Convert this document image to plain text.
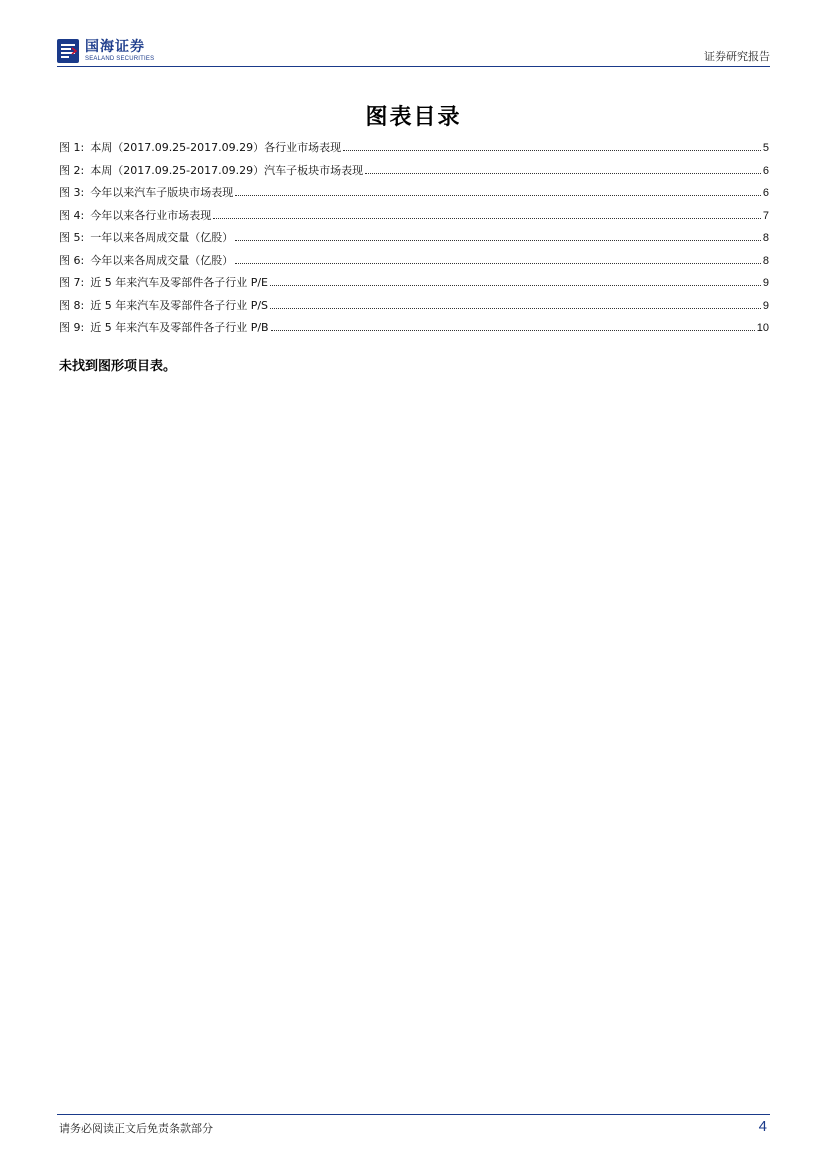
国海证券
SEALAND SECURITIES	证券研究报告
图表目录
图 1: 本周（2017.09.25-2017.09.29）各行业市场表现	5
图 2: 本周（2017.09.25-2017.09.29）汽车子板块市场表现	6
图 3: 今年以来汽车子版块市场表现	6
图 4: 今年以来各行业市场表现	7
图 5: 一年以来各周成交量（亿股）	8
图 6: 今年以来各周成交量（亿股）	8
图 7: 近 5 年来汽车及零部件各子行业 P/E	9
图 8: 近 5 年来汽车及零部件各子行业 P/S	9
图 9: 近 5 年来汽车及零部件各子行业 P/B	10
未找到图形项目表。
请务必阅读正文后免责条款部分	4
